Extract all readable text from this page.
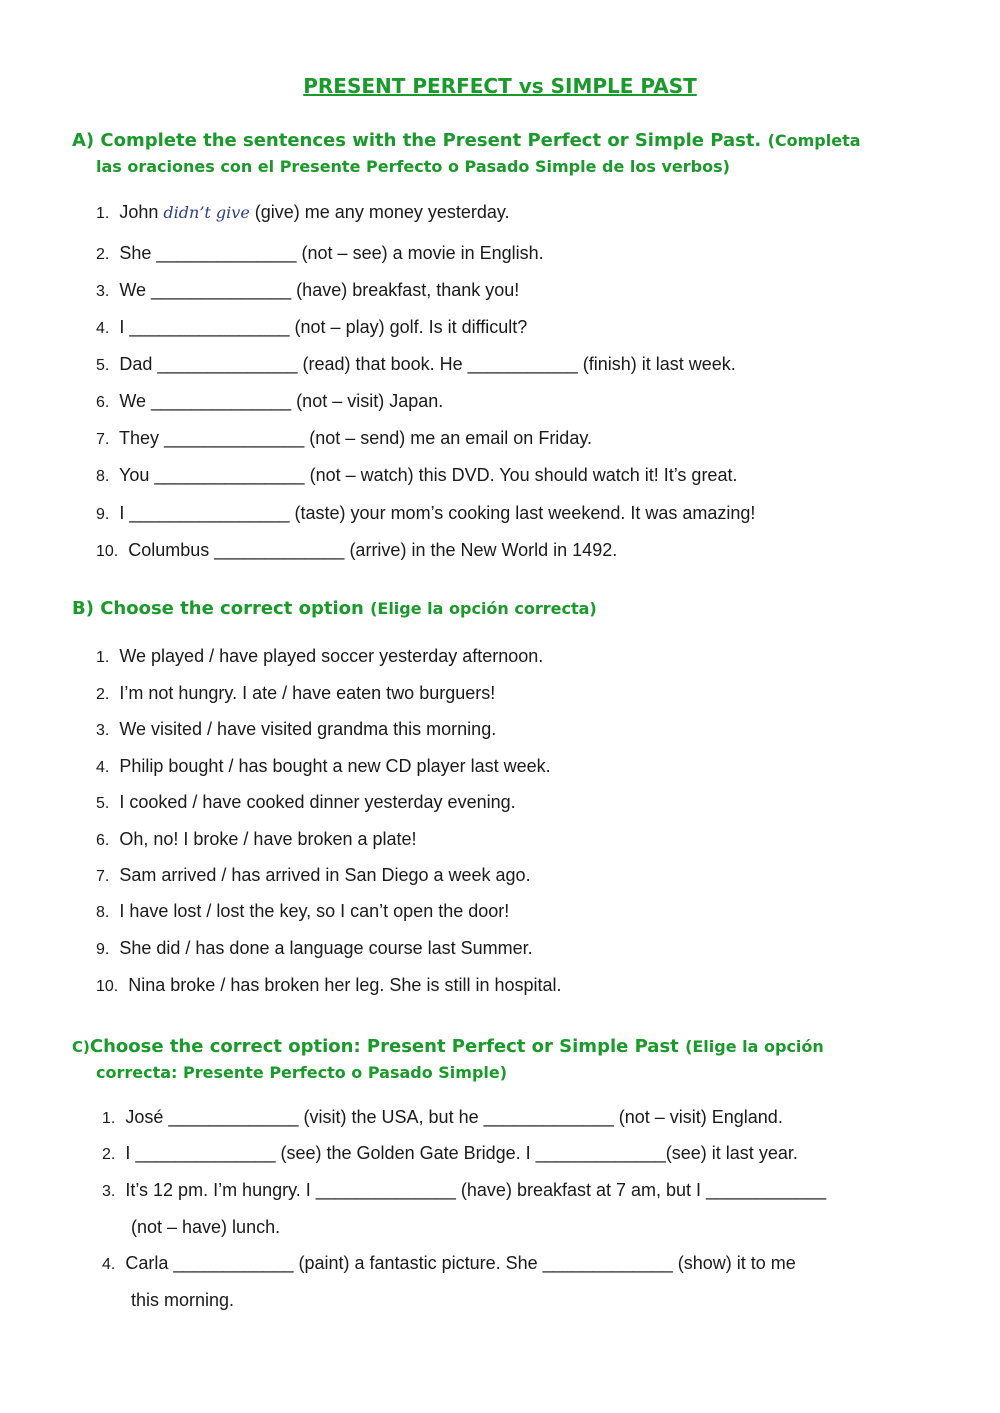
PRESENT PERFECT vs SIMPLE PAST
A) Complete the sentences with the Present Perfect or Simple Past. (Completa
las oraciones con el Presente Perfecto o Pasado Simple de los verbos)
1. John didn’t give (give) me any money yesterday.
2. She ______________ (not – see) a movie in English.
3. We ______________ (have) breakfast, thank you!
4. I ________________ (not – play) golf. Is it difficult?
5. Dad ______________ (read) that book. He ___________ (finish) it last week.
6. We ______________ (not – visit) Japan.
7. They ______________ (not – send) me an email on Friday.
8. You _______________ (not – watch) this DVD. You should watch it! It’s great.
9. I ________________ (taste) your mom’s cooking last weekend. It was amazing!
10. Columbus _____________ (arrive) in the New World in 1492.
B) Choose the correct option (Elige la opción correcta)
1. We played / have played soccer yesterday afternoon.
2. I’m not hungry. I ate / have eaten two burguers!
3. We visited / have visited grandma this morning.
4. Philip bought / has bought a new CD player last week.
5. I cooked / have cooked dinner yesterday evening.
6. Oh, no! I broke / have broken a plate!
7. Sam arrived / has arrived in San Diego a week ago.
8. I have lost / lost the key, so I can’t open the door!
9. She did / has done a language course last Summer.
10. Nina broke / has broken her leg. She is still in hospital.
C)Choose the correct option: Present Perfect or Simple Past (Elige la opción
correcta: Presente Perfecto o Pasado Simple)
1. José _____________ (visit) the USA, but he _____________ (not – visit) England.
2. I ______________ (see) the Golden Gate Bridge. I _____________(see) it last year.
3. It’s 12 pm. I’m hungry. I ______________ (have) breakfast at 7 am, but I ____________
(not – have) lunch.
4. Carla ____________ (paint) a fantastic picture. She _____________ (show) it to me
this morning.
